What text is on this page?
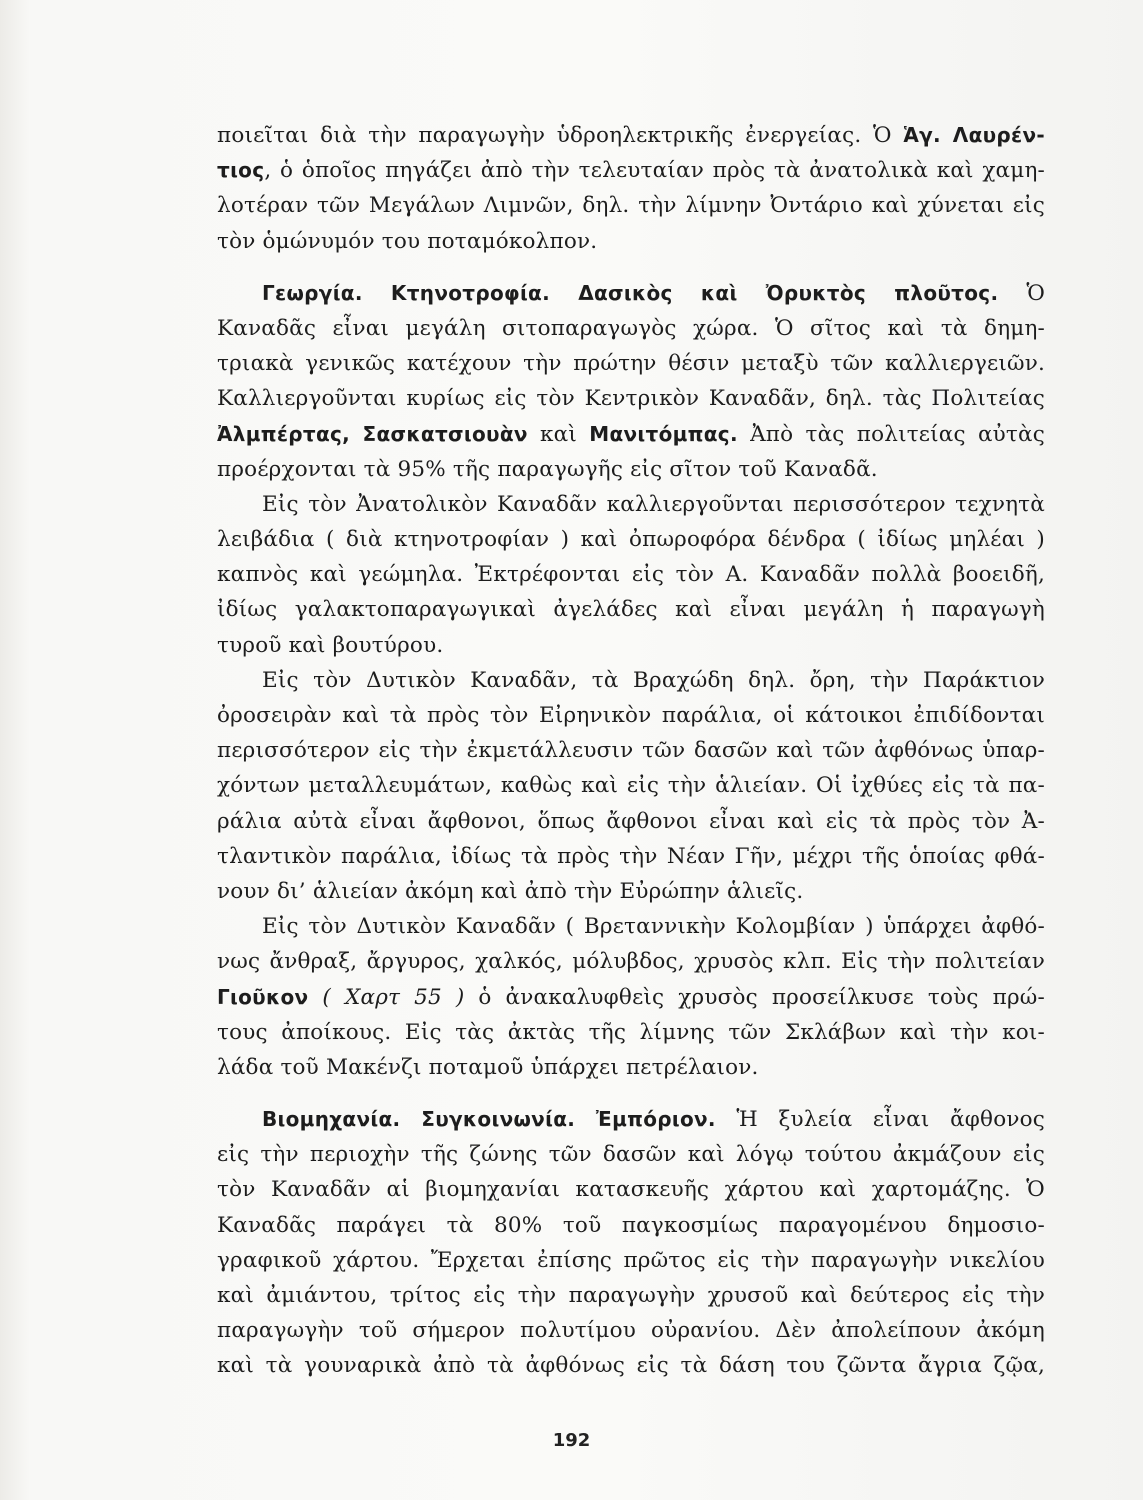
ποιεῖται διὰ τὴν παραγωγὴν ὑδροηλεκτρικῆς ἐνεργείας. Ὁ Ἁγ. Λαυρέν-
τιος, ὁ ὁποῖος πηγάζει ἀπὸ τὴν τελευταίαν πρὸς τὰ ἀνατολικὰ καὶ χαμη-
λοτέραν τῶν Μεγάλων Λιμνῶν, δηλ. τὴν λίμνην Ὀντάριο καὶ χύνεται εἰς
τὸν ὁμώνυμόν του ποταμόκολπον.
Γεωργία. Κτηνοτροφία. Δασικὸς καὶ Ὀρυκτὸς πλοῦτος. Ὁ
Καναδᾶς εἶναι μεγάλη σιτοπαραγωγὸς χώρα. Ὁ σῖτος καὶ τὰ δημη-
τριακὰ γενικῶς κατέχουν τὴν πρώτην θέσιν μεταξὺ τῶν καλλιεργειῶν.
Καλλιεργοῦνται κυρίως εἰς τὸν Κεντρικὸν Καναδᾶν, δηλ. τὰς Πολιτείας
Ἀλμπέρτας, Σασκατσιουὰν καὶ Μανιτόμπας. Ἀπὸ τὰς πολιτείας αὐτὰς
προέρχονται τὰ 95% τῆς παραγωγῆς εἰς σῖτον τοῦ Καναδᾶ.
Εἰς τὸν Ἀνατολικὸν Καναδᾶν καλλιεργοῦνται περισσότερον τεχνητὰ
λειβάδια ( διὰ κτηνοτροφίαν ) καὶ ὀπωροφόρα δένδρα ( ἰδίως μηλέαι )
καπνὸς καὶ γεώμηλα. Ἐκτρέφονται εἰς τὸν Α. Καναδᾶν πολλὰ βοοειδῆ,
ἰδίως γαλακτοπαραγωγικαὶ ἀγελάδες καὶ εἶναι μεγάλη ἡ παραγωγὴ
τυροῦ καὶ βουτύρου.
Εἰς τὸν Δυτικὸν Καναδᾶν, τὰ Βραχώδη δηλ. ὄρη, τὴν Παράκτιον
ὀροσειρὰν καὶ τὰ πρὸς τὸν Εἰρηνικὸν παράλια, οἱ κάτοικοι ἐπιδίδονται
περισσότερον εἰς τὴν ἐκμετάλλευσιν τῶν δασῶν καὶ τῶν ἀφθόνως ὑπαρ-
χόντων μεταλλευμάτων, καθὼς καὶ εἰς τὴν ἁλιείαν. Οἱ ἰχθύες εἰς τὰ πα-
ράλια αὐτὰ εἶναι ἄφθονοι, ὅπως ἄφθονοι εἶναι καὶ εἰς τὰ πρὸς τὸν Ἀ-
τλαντικὸν παράλια, ἰδίως τὰ πρὸς τὴν Νέαν Γῆν, μέχρι τῆς ὁποίας φθά-
νουν δι’ ἁλιείαν ἀκόμη καὶ ἀπὸ τὴν Εὐρώπην ἁλιεῖς.
Εἰς τὸν Δυτικὸν Καναδᾶν ( Βρεταννικὴν Κολομβίαν ) ὑπάρχει ἀφθό-
νως ἄνθραξ, ἄργυρος, χαλκός, μόλυβδος, χρυσὸς κλπ. Εἰς τὴν πολιτείαν
Γιοῦκον ( Χαρτ 55 ) ὁ ἀνακαλυφθεὶς χρυσὸς προσείλκυσε τοὺς πρώ-
τους ἀποίκους. Εἰς τὰς ἀκτὰς τῆς λίμνης τῶν Σκλάβων καὶ τὴν κοι-
λάδα τοῦ Μακένζι ποταμοῦ ὑπάρχει πετρέλαιον.
Βιομηχανία. Συγκοινωνία. Ἐμπόριον. Ἡ ξυλεία εἶναι ἄφθονος
εἰς τὴν περιοχὴν τῆς ζώνης τῶν δασῶν καὶ λόγῳ τούτου ἀκμάζουν εἰς
τὸν Καναδᾶν αἱ βιομηχανίαι κατασκευῆς χάρτου καὶ χαρτομάζης. Ὁ
Καναδᾶς παράγει τὰ 80% τοῦ παγκοσμίως παραγομένου δημοσιο-
γραφικοῦ χάρτου. Ἔρχεται ἐπίσης πρῶτος εἰς τὴν παραγωγὴν νικελίου
καὶ ἀμιάντου, τρίτος εἰς τὴν παραγωγὴν χρυσοῦ καὶ δεύτερος εἰς τὴν
παραγωγὴν τοῦ σήμερον πολυτίμου οὐρανίου. Δὲν ἀπολείπουν ἀκόμη
καὶ τὰ γουναρικὰ ἀπὸ τὰ ἀφθόνως εἰς τὰ δάση του ζῶντα ἄγρια ζῷα,
192
